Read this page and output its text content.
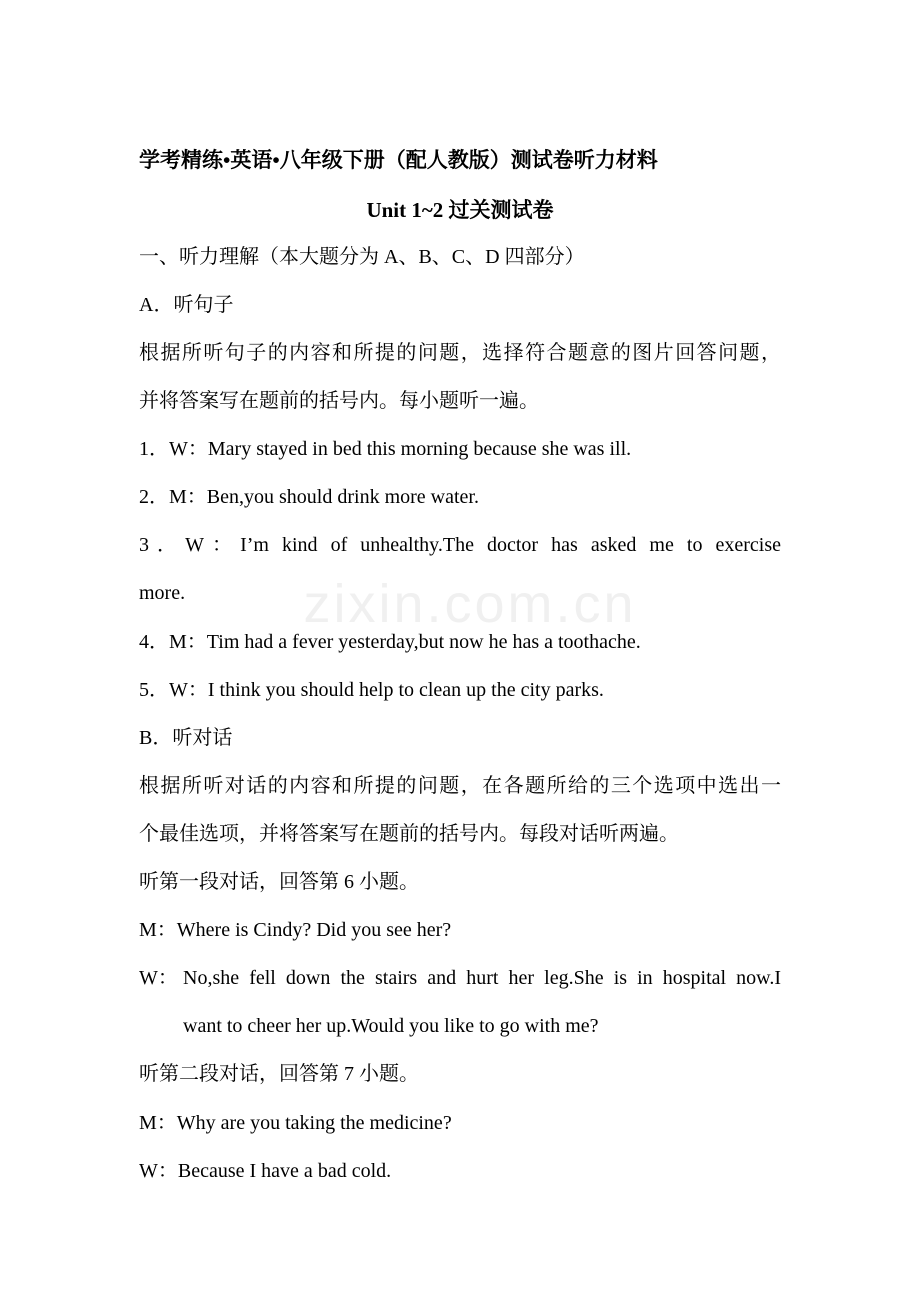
zixin.com.cn
学考精练•英语•八年级下册（配人教版）测试卷听力材料
Unit 1~2 过关测试卷
一、听力理解（本大题分为 A、B、C、D 四部分）
A．听句子
根据所听句子的内容和所提的问题，选择符合题意的图片回答问题，
并将答案写在题前的括号内。每小题听一遍。
1．W：Mary stayed in bed this morning because she was ill.
2．M：Ben,you should drink more water.
3．W：I’m kind of unhealthy.The doctor has asked me to exercise
more.
4．M：Tim had a fever yesterday,but now he has a toothache.
5．W：I think you should help to clean up the city parks.
B．听对话
根据所听对话的内容和所提的问题，在各题所给的三个选项中选出一
个最佳选项，并将答案写在题前的括号内。每段对话听两遍。
听第一段对话，回答第 6 小题。
M：Where is Cindy? Did you see her?
W： No,she fell down the stairs and hurt her leg.She is in hospital now.I
want to cheer her up.Would you like to go with me?
听第二段对话，回答第 7 小题。
M：Why are you taking the medicine?
W：Because I have a bad cold.
